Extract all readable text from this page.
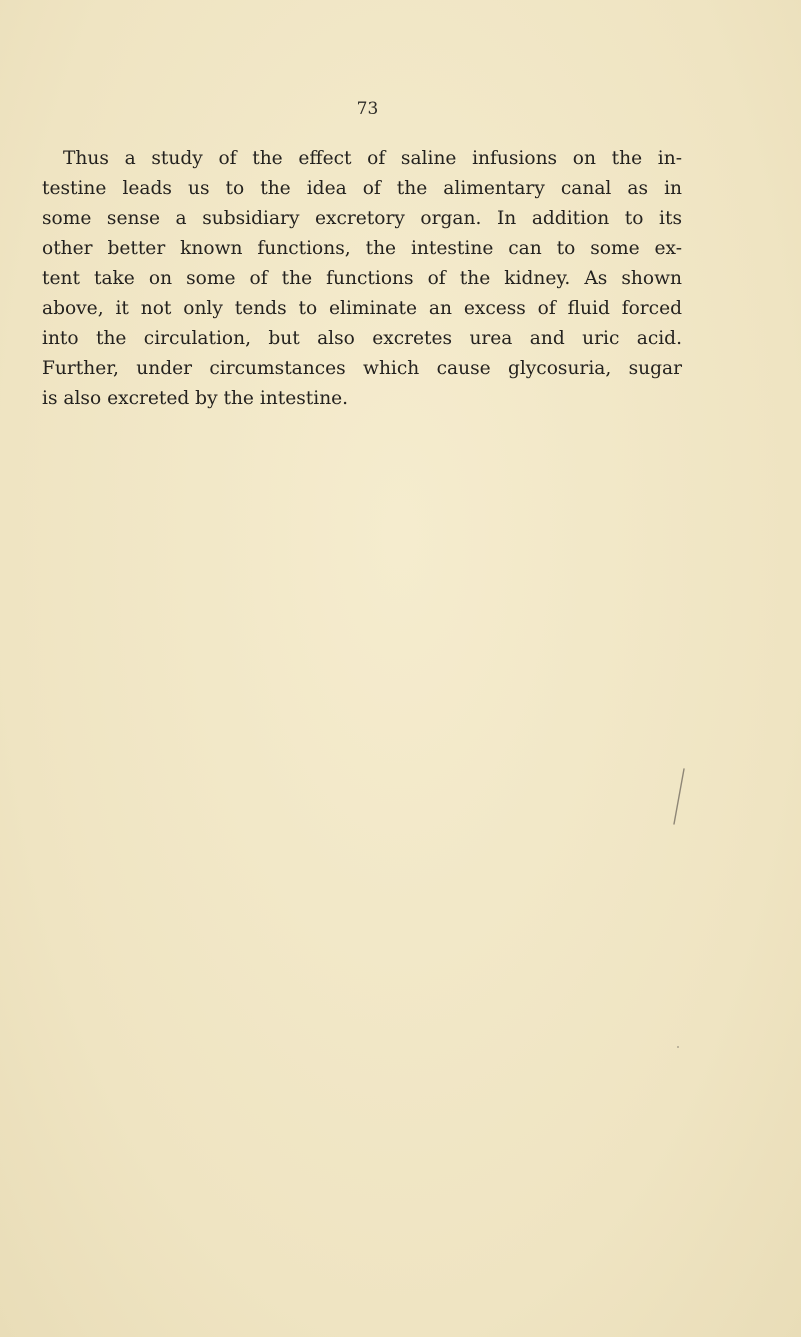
73
Thus a study of the effect of saline infusions on the in-
testine leads us to the idea of the alimentary canal as in
some sense a subsidiary excretory organ. In addition to its
other better known functions, the intestine can to some ex-
tent take on some of the functions of the kidney. As shown
above, it not only tends to eliminate an excess of fluid forced
into the circulation, but also excretes urea and uric acid.
Further, under circumstances which cause glycosuria, sugar
is also excreted by the intestine.
